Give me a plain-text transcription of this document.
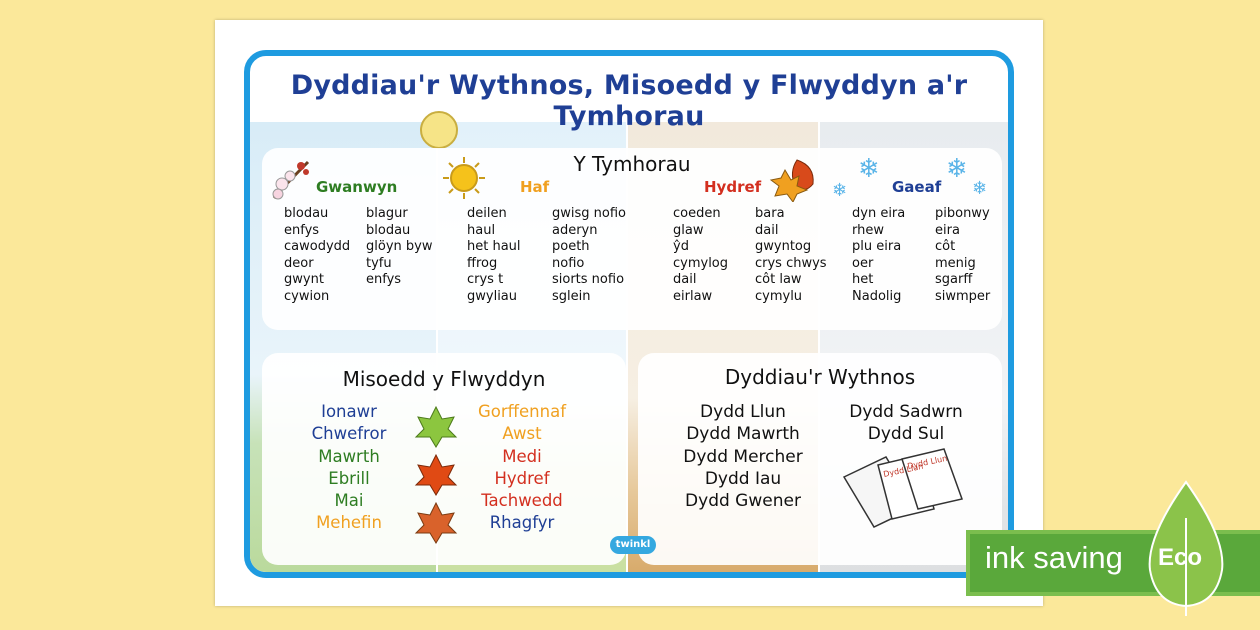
Dyddiau'r Wythnos, Misoedd y Flwyddyn a'r Tymhorau
Y Tymhorau
Gwanwyn
blodau
enfys
cawodydd
deor
gwynt
cywion
blagur
blodau
glöyn byw
tyfu
enfys
Haf
deilen
haul
het haul
ffrog
crys t
gwyliau
gwisg nofio
aderyn
poeth
nofio
siorts nofio
sglein
Hydref
coeden
glaw
ŷd
cymylog
dail
eirlaw
bara
dail
gwyntog
crys chwys
côt law
cymylu
❄
❄
❄
❄
Gaeaf
dyn eira
rhew
plu eira
oer
het
Nadolig
pibonwy
eira
côt
menig
sgarff
siwmper
Misoedd y Flwyddyn
Ionawr
Chwefror
Mawrth
Ebrill
Mai
Mehefin
Gorffennaf
Awst
Medi
Hydref
Tachwedd
Rhagfyr
Dyddiau'r Wythnos
Dydd Llun
Dydd Mawrth
Dydd Mercher
Dydd Iau
Dydd Gwener
Dydd Sadwrn
Dydd Sul
Dydd Llun
Dydd Llun
twinkl	ink saving Eco
